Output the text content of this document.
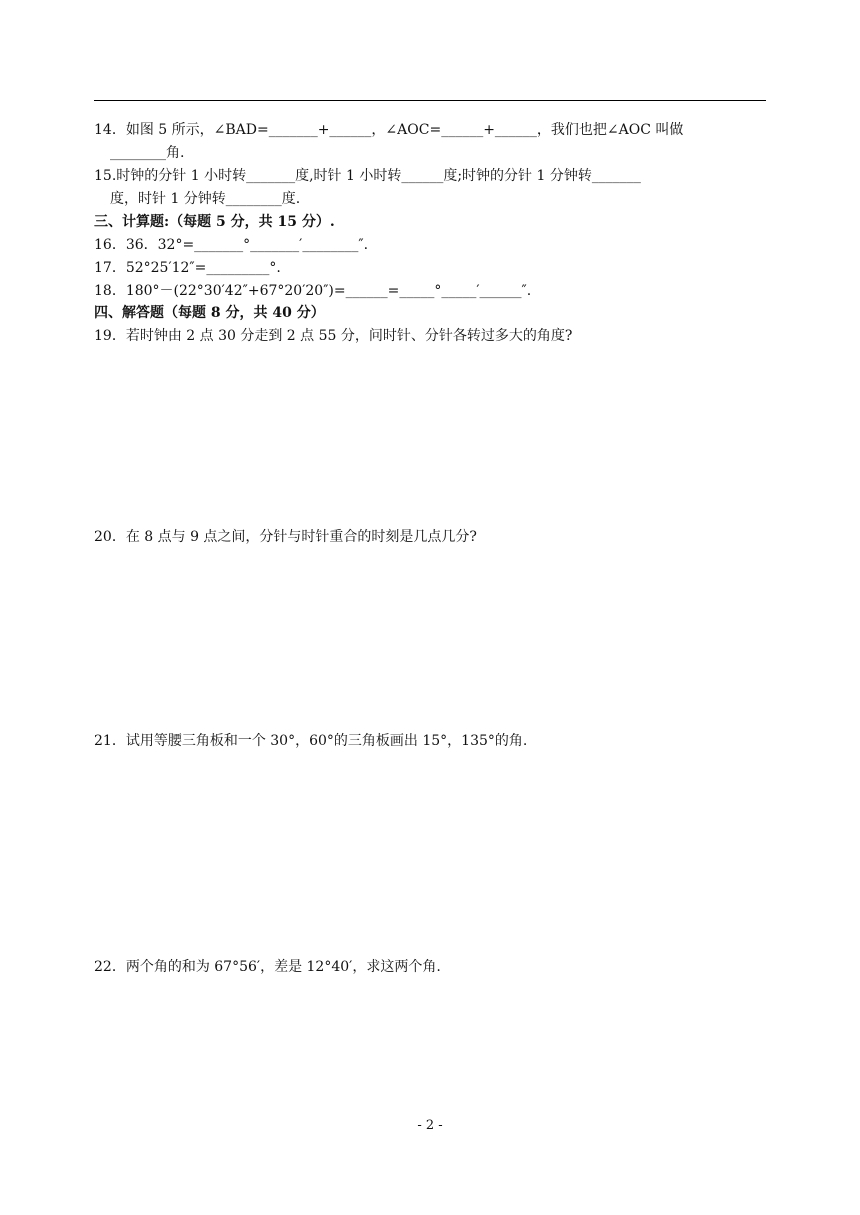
14．如图 5 所示，∠BAD=_______+______，∠AOC=______+______，我们也把∠AOC 叫做
________角.
15.时钟的分针 1 小时转_______度,时针 1 小时转______度;时钟的分针 1 分钟转_______
度，时针 1 分钟转________度.
三、计算题:（每题 5 分，共 15 分）.
16．36．32°=_______°_______′________″.
17．52°25′12″=_________°.
18．180°－(22°30′42″+67°20′20″)=______=_____°_____′______″.
四、解答题（每题 8 分，共 40 分）
19．若时钟由 2 点 30 分走到 2 点 55 分，问时针、分针各转过多大的角度?
20．在 8 点与 9 点之间，分针与时针重合的时刻是几点几分?
21．试用等腰三角板和一个 30°，60°的三角板画出 15°，135°的角.
22．两个角的和为 67°56′，差是 12°40′，求这两个角.
- 2 -
